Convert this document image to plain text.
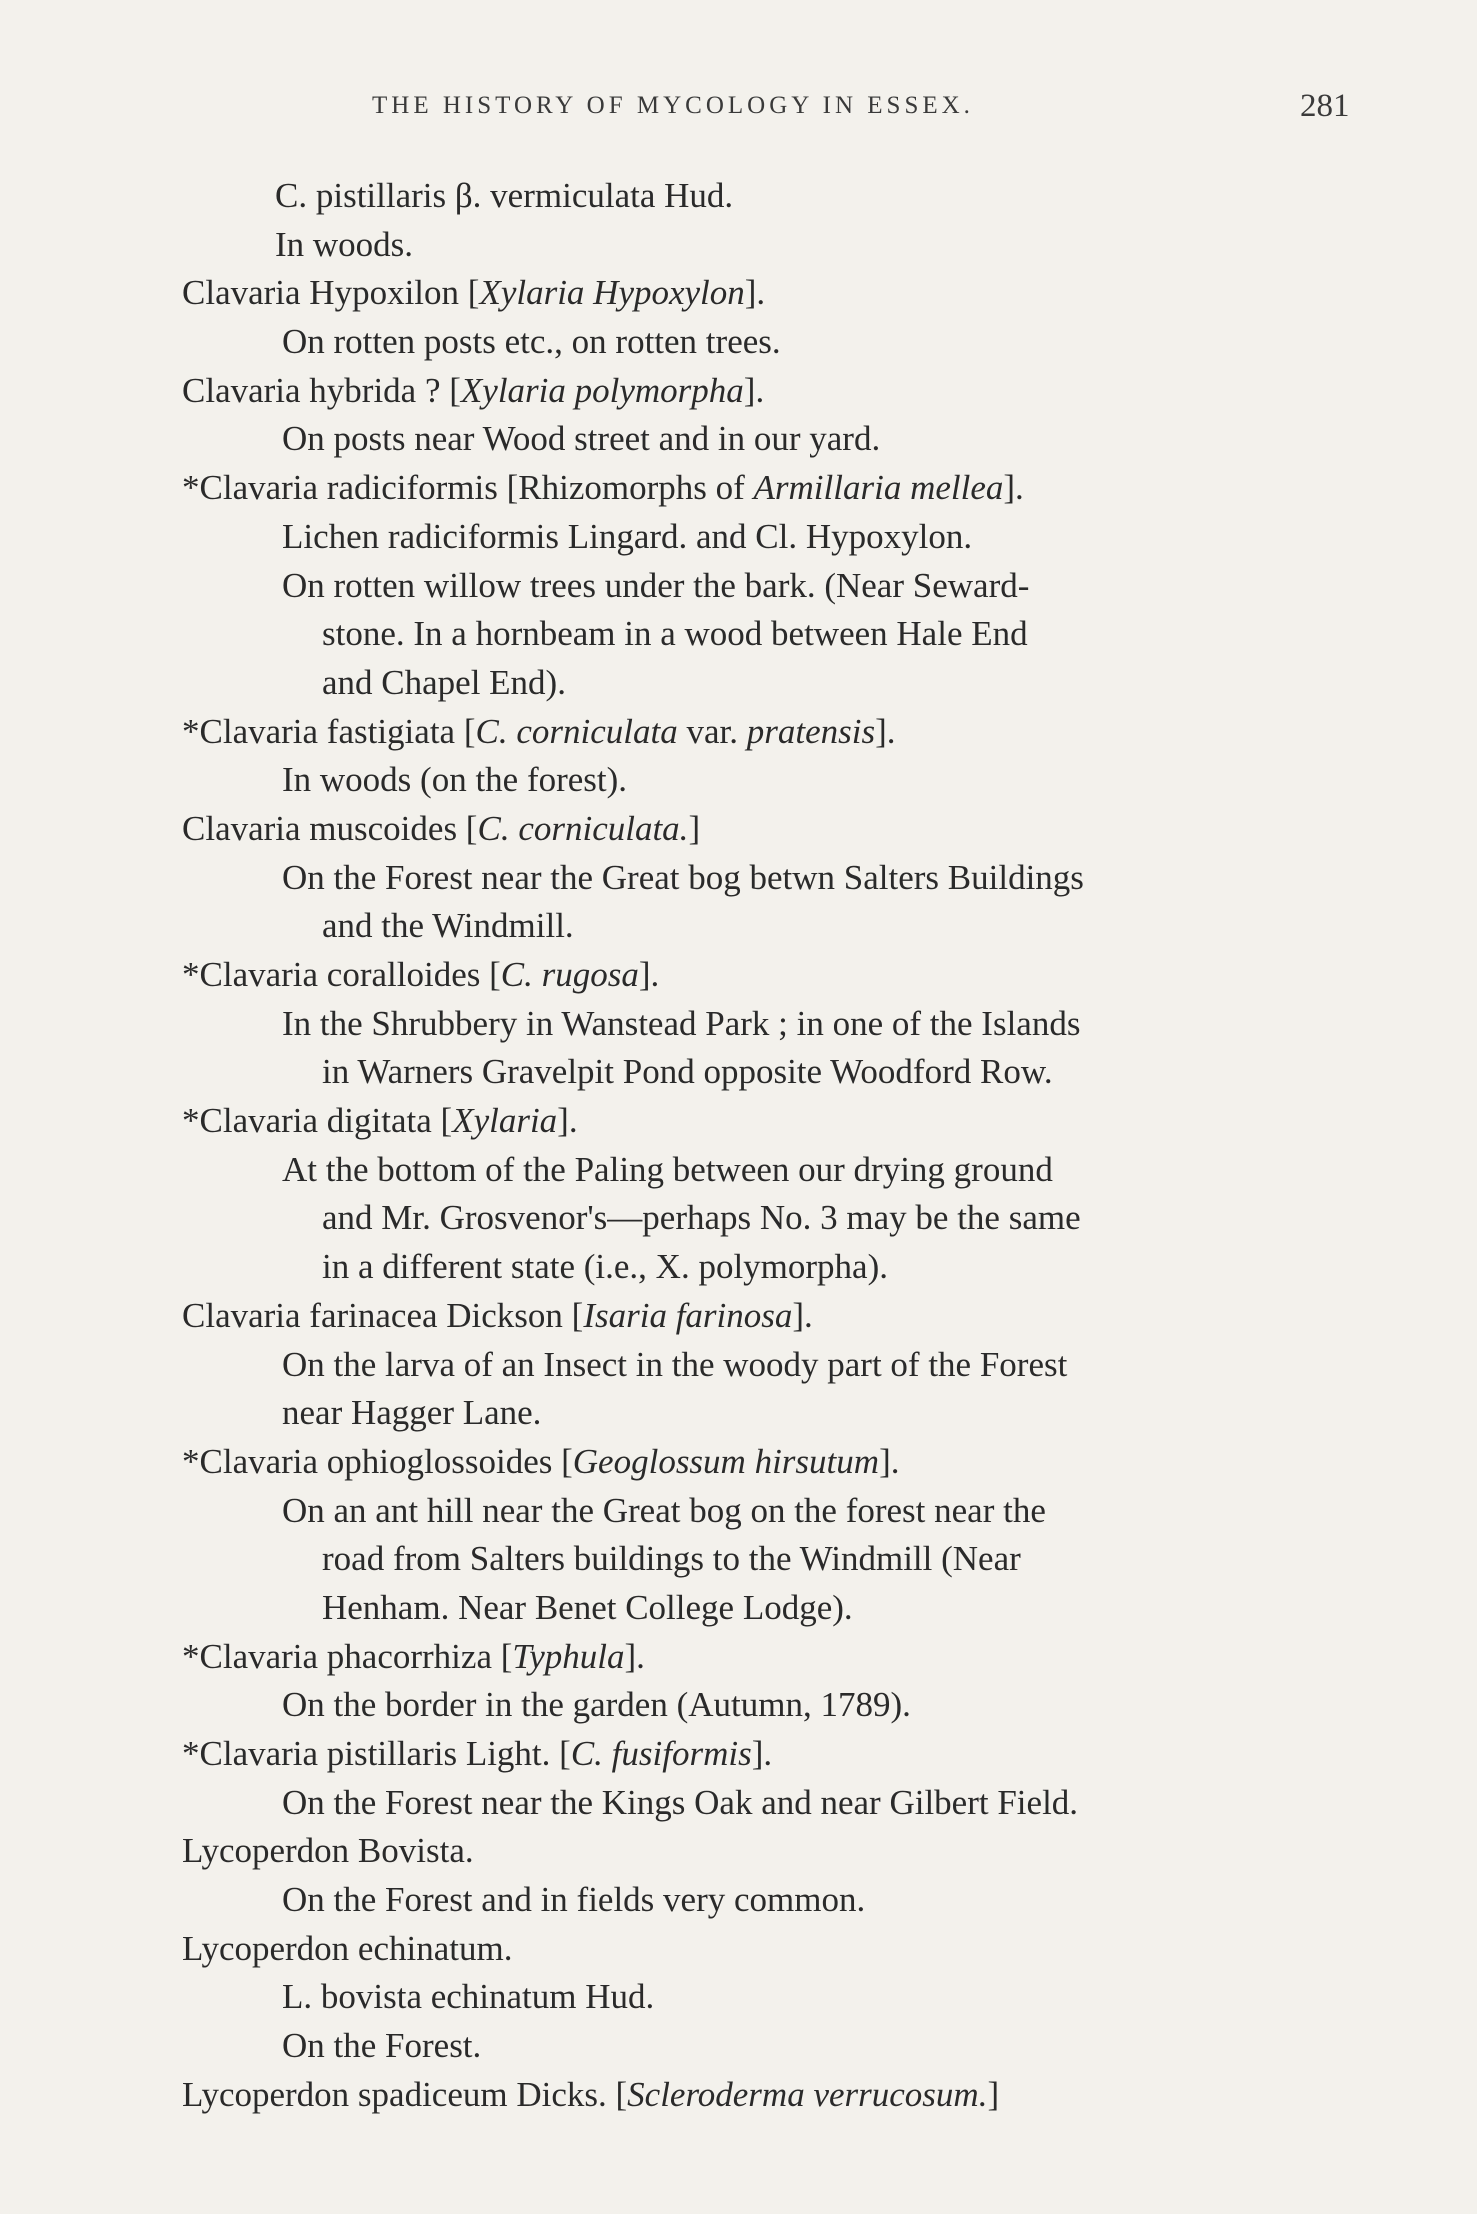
THE HISTORY OF MYCOLOGY IN ESSEX.	281
C. pistillaris β. vermiculata Hud.
In woods.
Clavaria Hypoxilon [Xylaria Hypoxylon].
On rotten posts etc., on rotten trees.
Clavaria hybrida ? [Xylaria polymorpha].
On posts near Wood street and in our yard.
*Clavaria radiciformis [Rhizomorphs of Armillaria mellea].
Lichen radiciformis Lingard. and Cl. Hypoxylon.
On rotten willow trees under the bark. (Near Seward-
stone. In a hornbeam in a wood between Hale End
and Chapel End).
*Clavaria fastigiata [C. corniculata var. pratensis].
In woods (on the forest).
Clavaria muscoides [C. corniculata.]
On the Forest near the Great bog betwn Salters Buildings
and the Windmill.
*Clavaria coralloides [C. rugosa].
In the Shrubbery in Wanstead Park ; in one of the Islands
in Warners Gravelpit Pond opposite Woodford Row.
*Clavaria digitata [Xylaria].
At the bottom of the Paling between our drying ground
and Mr. Grosvenor's—perhaps No. 3 may be the same
in a different state (i.e., X. polymorpha).
Clavaria farinacea Dickson [Isaria farinosa].
On the larva of an Insect in the woody part of the Forest
near Hagger Lane.
*Clavaria ophioglossoides [Geoglossum hirsutum].
On an ant hill near the Great bog on the forest near the
road from Salters buildings to the Windmill (Near
Henham. Near Benet College Lodge).
*Clavaria phacorrhiza [Typhula].
On the border in the garden (Autumn, 1789).
*Clavaria pistillaris Light. [C. fusiformis].
On the Forest near the Kings Oak and near Gilbert Field.
Lycoperdon Bovista.
On the Forest and in fields very common.
Lycoperdon echinatum.
L. bovista echinatum Hud.
On the Forest.
Lycoperdon spadiceum Dicks. [Scleroderma verrucosum.]
